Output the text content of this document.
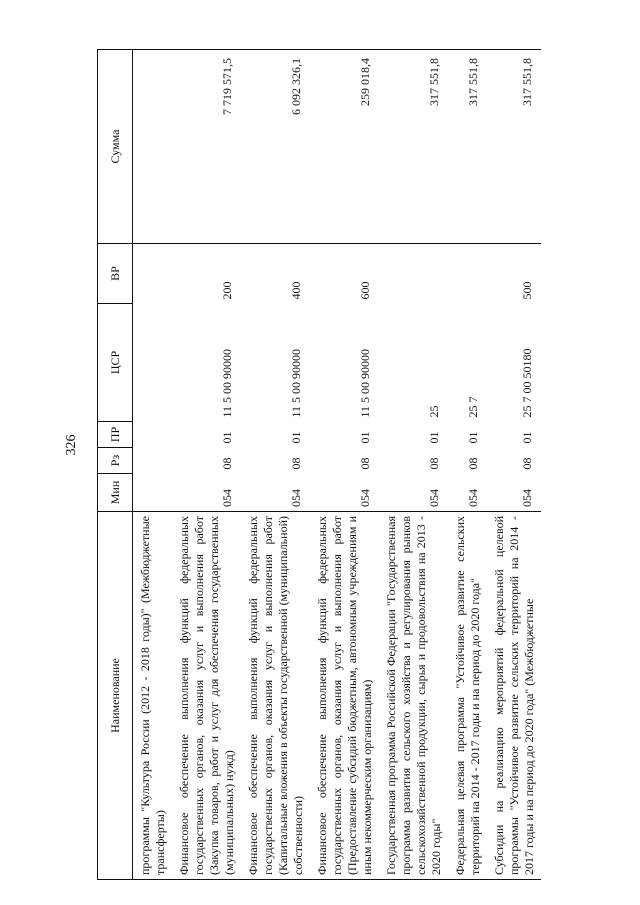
326
Наименование	Мин	Рз	ПР	ЦСР	ВР	Сумма
программы "Культура России (2012 - 2018 годы)" (Межбюджетные трансферты)						
Финансовое обеспечение выполнения функций федеральных государственных органов, оказания услуг и выполнения работ (Закупка товаров, работ и услуг для обеспечения государственных (муниципальных) нужд)	054	08	01	11 5 00 90000	200	7 719 571,5
Финансовое обеспечение выполнения функций федеральных государственных органов, оказания услуг и выполнения работ (Капитальные вложения в объекты государственной (муниципальной) собственности)	054	08	01	11 5 00 90000	400	6 092 326,1
Финансовое обеспечение выполнения функций федеральных государственных органов, оказания услуг и выполнения работ (Предоставление субсидий бюджетным, автономным учреждениям и иным некоммерческим организациям)	054	08	01	11 5 00 90000	600	259 018,4
Государственная программа Российской Федерации "Государственная программа развития сельского хозяйства и регулирования рынков сельскохозяйственной продукции, сырья и продовольствия на 2013 - 2020 годы"	054	08	01	25		317 551,8
Федеральная целевая программа "Устойчивое развитие сельских территорий на 2014 - 2017 годы и на период до 2020 года"	054	08	01	25 7		317 551,8
Субсидии на реализацию мероприятий федеральной целевой программы "Устойчивое развитие сельских территорий на 2014 - 2017 годы и на период до 2020 года" (Межбюджетные	054	08	01	25 7 00 50180	500	317 551,8
